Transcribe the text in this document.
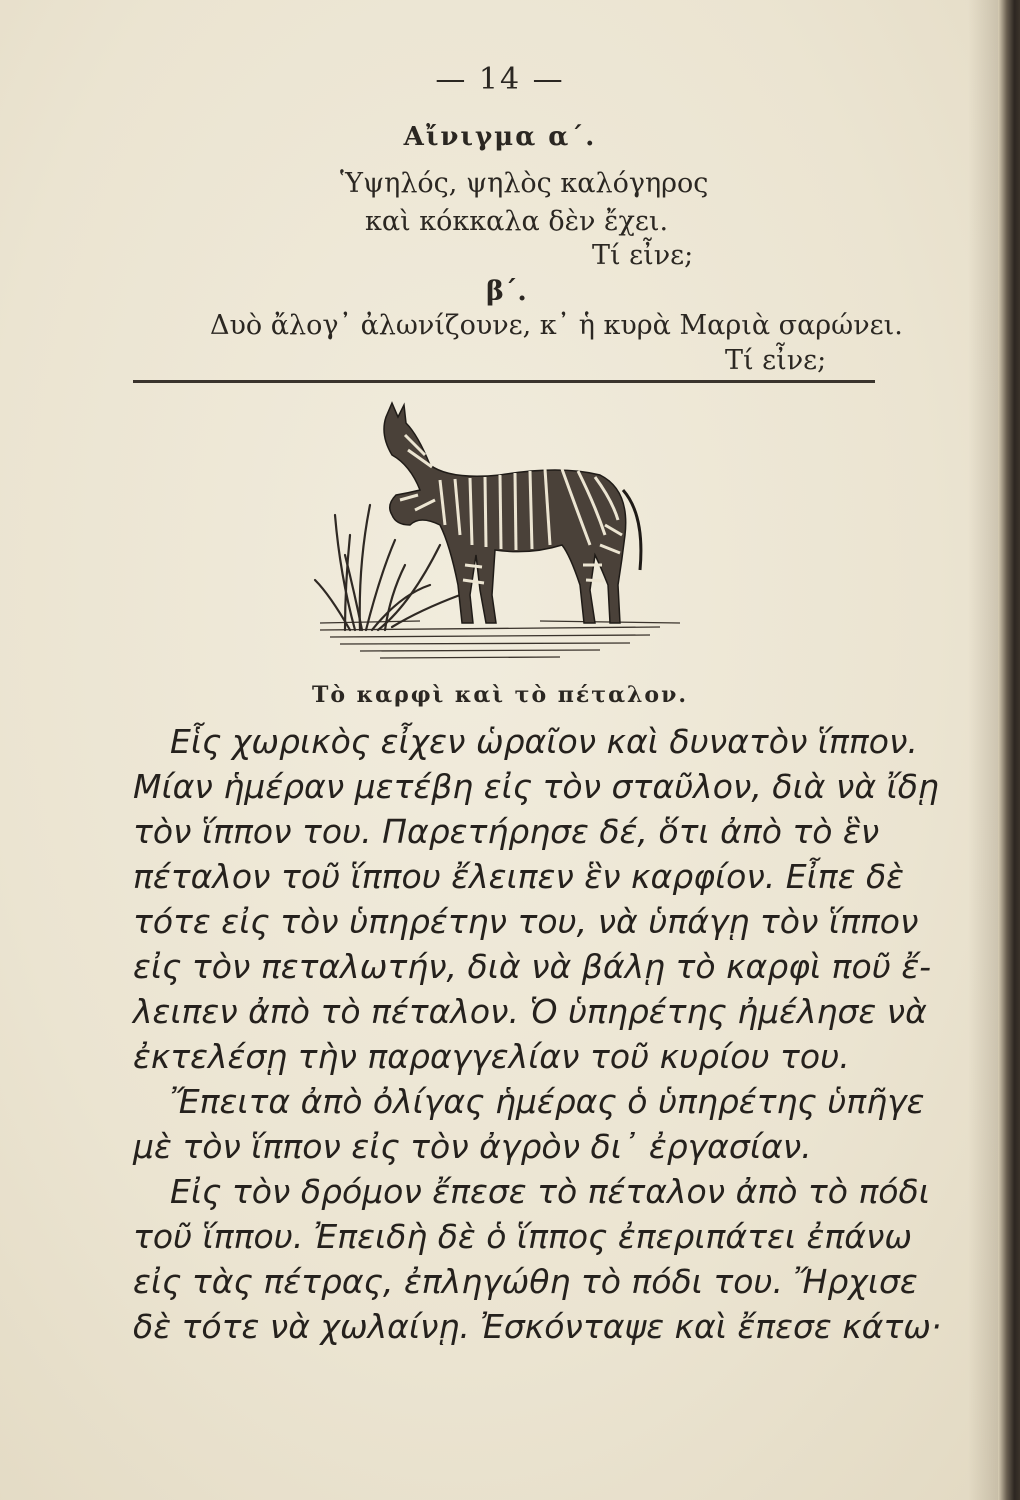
— 14 —
Αἴνιγμα α΄.
Ὑψηλός, ψηλὸς καλόγηρος
καὶ κόκκαλα δὲν ἔχει.
Τί εἶνε;
β΄.
Δυὸ ἄλογ᾽ ἀλωνίζουνε, κ᾽ ἡ κυρὰ Μαριὰ σαρώνει.
Τί εἶνε;
Τὸ καρφὶ καὶ τὸ πέταλον.
Εἷς χωρικὸς εἶχεν ὡραῖον καὶ δυνατὸν ἵππον.
Μίαν ἡμέραν μετέβη εἰς τὸν σταῦλον, διὰ νὰ ἴδῃ
τὸν ἵππον του. Παρετήρησε δέ, ὅτι ἀπὸ τὸ ἓν
πέταλον τοῦ ἵππου ἔλειπεν ἓν καρφίον. Εἶπε δὲ
τότε εἰς τὸν ὑπηρέτην του, νὰ ὑπάγῃ τὸν ἵππον
εἰς τὸν πεταλωτήν, διὰ νὰ βάλῃ τὸ καρφὶ ποῦ ἔ-
λειπεν ἀπὸ τὸ πέταλον. Ὁ ὑπηρέτης ἠμέλησε νὰ
ἐκτελέσῃ τὴν παραγγελίαν τοῦ κυρίου του.
Ἔπειτα ἀπὸ ὀλίγας ἡμέρας ὁ ὑπηρέτης ὑπῆγε
μὲ τὸν ἵππον εἰς τὸν ἀγρὸν δι᾽ ἐργασίαν.
Εἰς τὸν δρόμον ἔπεσε τὸ πέταλον ἀπὸ τὸ πόδι
τοῦ ἵππου. Ἐπειδὴ δὲ ὁ ἵππος ἐπεριπάτει ἐπάνω
εἰς τὰς πέτρας, ἐπληγώθη τὸ πόδι του. Ἤρχισε
δὲ τότε νὰ χωλαίνῃ. Ἐσκόνταψε καὶ ἔπεσε κάτω·
